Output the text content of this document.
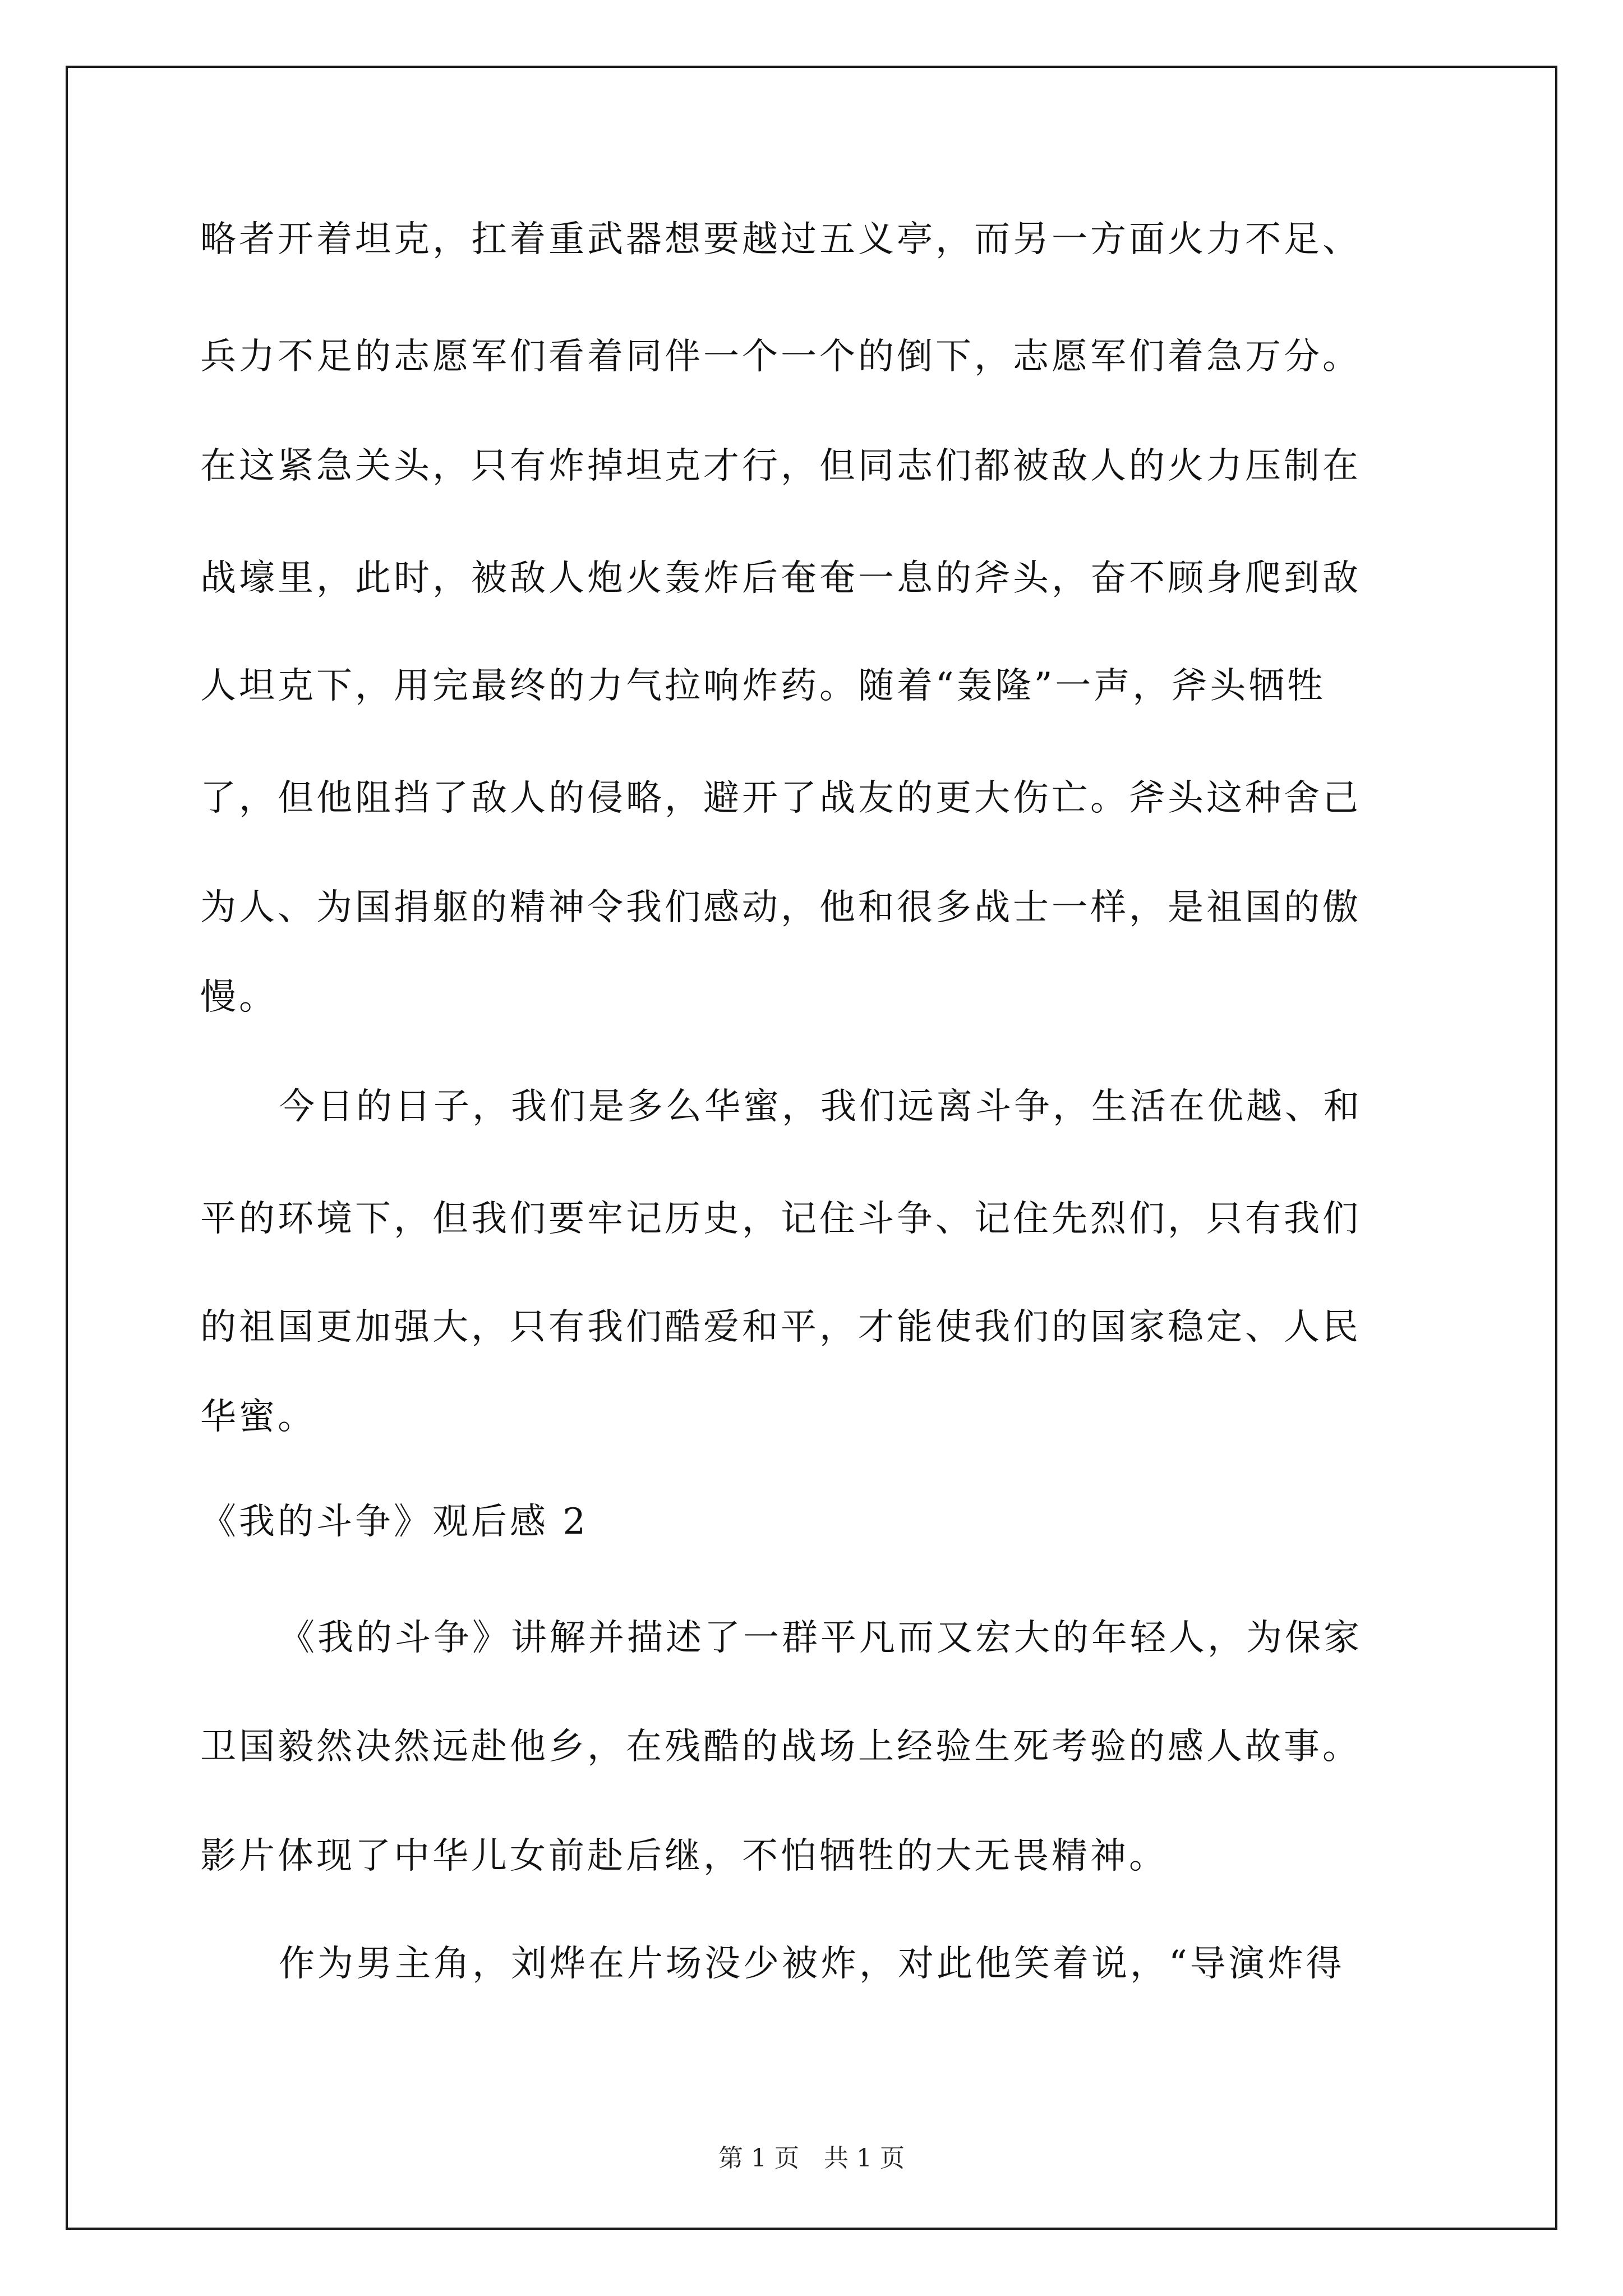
略者开着坦克，扛着重武器想要越过五义亭，而另一方面火力不足、
兵力不足的志愿军们看着同伴一个一个的倒下，志愿军们着急万分。
在这紧急关头，只有炸掉坦克才行，但同志们都被敌人的火力压制在
战壕里，此时，被敌人炮火轰炸后奄奄一息的斧头，奋不顾身爬到敌
人坦克下，用完最终的力气拉响炸药。随着“轰隆”一声，斧头牺牲
了，但他阻挡了敌人的侵略，避开了战友的更大伤亡。斧头这种舍己
为人、为国捐躯的精神令我们感动，他和很多战士一样，是祖国的傲
慢。
今日的日子，我们是多么华蜜，我们远离斗争，生活在优越、和
平的环境下，但我们要牢记历史，记住斗争、记住先烈们，只有我们
的祖国更加强大，只有我们酷爱和平，才能使我们的国家稳定、人民
华蜜。
《我的斗争》观后感 2
《我的斗争》讲解并描述了一群平凡而又宏大的年轻人，为保家
卫国毅然决然远赴他乡，在残酷的战场上经验生死考验的感人故事。
影片体现了中华儿女前赴后继，不怕牺牲的大无畏精神。
作为男主角，刘烨在片场没少被炸，对此他笑着说，“导演炸得
第 1 页 共 1 页
